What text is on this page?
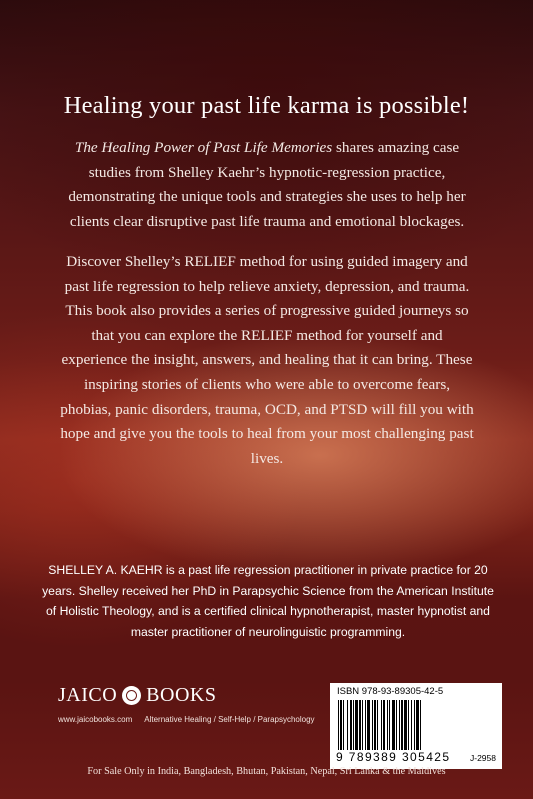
Healing your past life karma is possible!
The Healing Power of Past Life Memories shares amazing case studies from Shelley Kaehr’s hypnotic-regression practice, demonstrating the unique tools and strategies she uses to help her clients clear disruptive past life trauma and emotional blockages.
Discover Shelley’s RELIEF method for using guided imagery and past life regression to help relieve anxiety, depression, and trauma. This book also provides a series of progressive guided journeys so that you can explore the RELIEF method for yourself and experience the insight, answers, and healing that it can bring. These inspiring stories of clients who were able to overcome fears, phobias, panic disorders, trauma, OCD, and PTSD will fill you with hope and give you the tools to heal from your most challenging past lives.
SHELLEY A. KAEHR is a past life regression practitioner in private practice for 20 years. Shelley received her PhD in Parapsychic Science from the American Institute of Holistic Theology, and is a certified clinical hypnotherapist, master hypnotist and master practitioner of neurolinguistic programming.
JAICO BOOKS
www.jaicobooks.com Alternative Healing / Self-Help / Parapsychology
ISBN 978-93-89305-42-5
9 789389 305425 J-2958
For Sale Only in India, Bangladesh, Bhutan, Pakistan, Nepal, Sri Lanka & the Maldives
